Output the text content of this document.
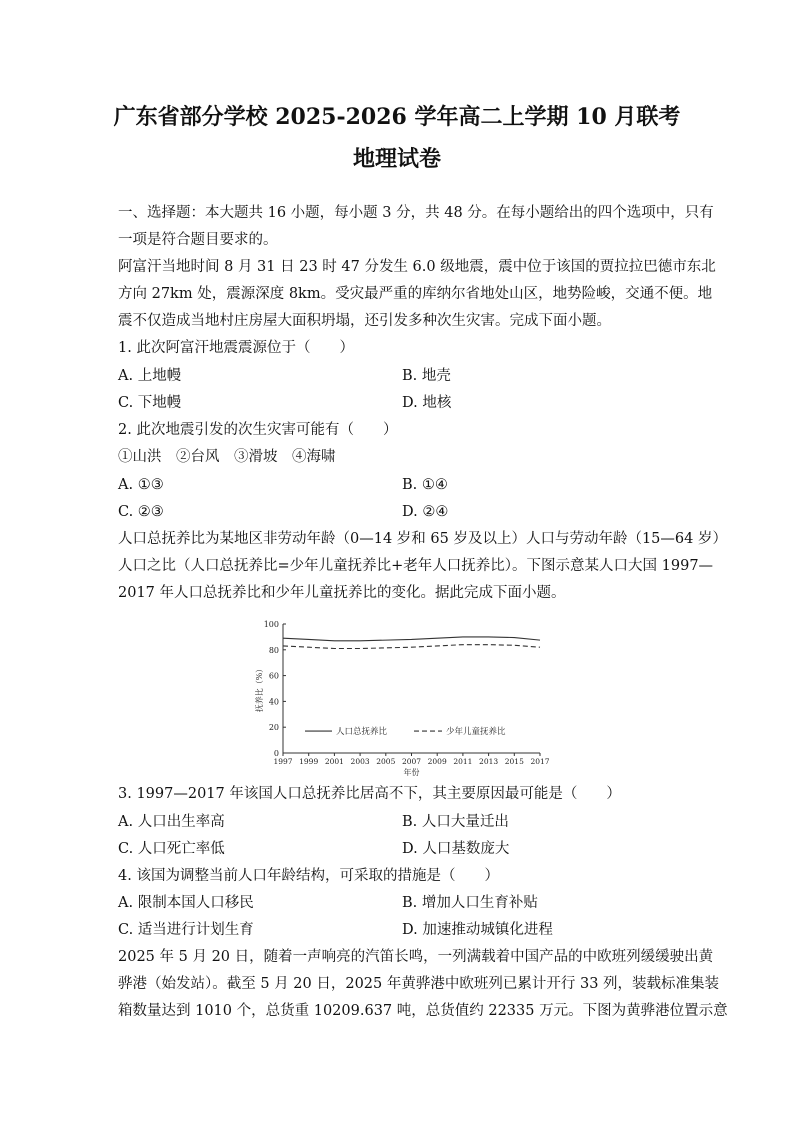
广东省部分学校 2025-2026 学年高二上学期 10 月联考
地理试卷
一、选择题：本大题共 16 小题，每小题 3 分，共 48 分。在每小题给出的四个选项中，只有
一项是符合题目要求的。
阿富汗当地时间 8 月 31 日 23 时 47 分发生 6.0 级地震，震中位于该国的贾拉拉巴德市东北
方向 27km 处，震源深度 8km。受灾最严重的库纳尔省地处山区，地势险峻，交通不便。地
震不仅造成当地村庄房屋大面积坍塌，还引发多种次生灾害。完成下面小题。
1. 此次阿富汗地震震源位于（　　）
A. 上地幔	B. 地壳
C. 下地幔	D. 地核
2. 此次地震引发的次生灾害可能有（　　）
①山洪　②台风　③滑坡　④海啸
A. ①③	B. ①④
C. ②③	D. ②④
人口总抚养比为某地区非劳动年龄（0—14 岁和 65 岁及以上）人口与劳动年龄（15—64 岁）
人口之比（人口总抚养比=少年儿童抚养比+老年人口抚养比）。下图示意某人口大国 1997—
2017 年人口总抚养比和少年儿童抚养比的变化。据此完成下面小题。
0
20
40
60
80
100
1997 1999 2001 2003 2005 2007 2009 2011 2013 2015 2017
年份
抚养比（%）
人口总抚养比	少年儿童抚养比
3. 1997—2017 年该国人口总抚养比居高不下，其主要原因最可能是（　　）
A. 人口出生率高	B. 人口大量迁出
C. 人口死亡率低	D. 人口基数庞大
4. 该国为调整当前人口年龄结构，可采取的措施是（　　）
A. 限制本国人口移民	B. 增加人口生育补贴
C. 适当进行计划生育	D. 加速推动城镇化进程
2025 年 5 月 20 日，随着一声响亮的汽笛长鸣，一列满载着中国产品的中欧班列缓缓驶出黄
骅港（始发站）。截至 5 月 20 日，2025 年黄骅港中欧班列已累计开行 33 列，装载标准集装
箱数量达到 1010 个，总货重 10209.637 吨，总货值约 22335 万元。下图为黄骅港位置示意
